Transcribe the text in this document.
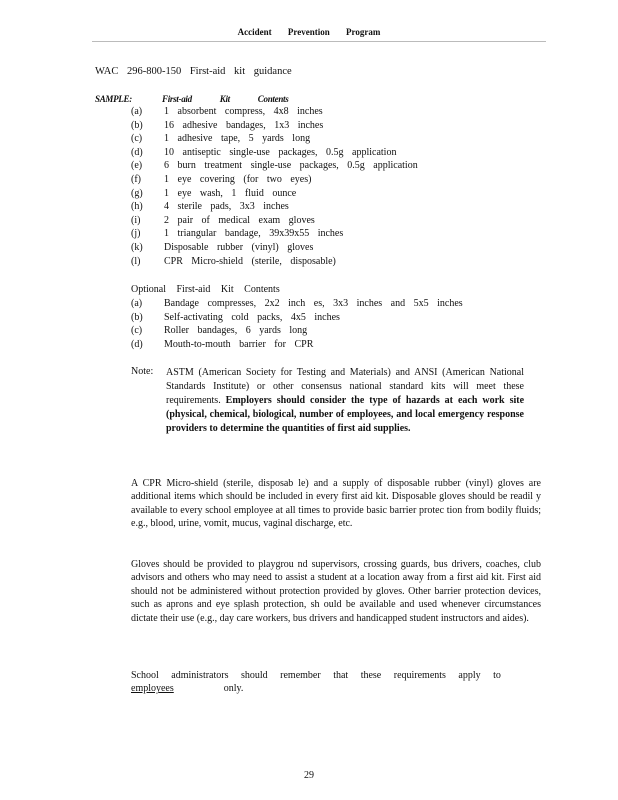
Accident Prevention Program
WAC 296-800-150 First-aid kit guidance
SAMPLE:	First-aid Kit Contents
(a) 1 absorbent compress, 4x8 inches
(b) 16 adhesive bandages, 1x3 inches
(c) 1 adhesive tape, 5 yards long
(d) 10 antiseptic single-use packages, 0.5g application
(e) 6 burn treatment single-use packages, 0.5g application
(f) 1 eye covering (for two eyes)
(g) 1 eye wash, 1 fluid ounce
(h) 4 sterile pads, 3x3 inches
(i) 2 pair of medical exam gloves
(j) 1 triangular bandage, 39x39x55 inches
(k) Disposable rubber (vinyl) gloves
(l) CPR Micro-shield (sterile, disposable)
Optional First-aid Kit Contents
(a) Bandage compresses, 2x2 inch es, 3x3 inches and 5x5 inches
(b) Self-activating cold packs, 4x5 inches
(c) Roller bandages, 6 yards long
(d) Mouth-to-mouth barrier for CPR
Note: ASTM (American Society for Testing and Materials) and ANSI (American National Standards Institute) or other consensus national standard kits will meet these requirements. Employers should consider the type of hazards at each work site (physical, chemical, biological, number of employees, and local emergency response providers to determine the quantities of first aid supplies.
A CPR Micro-shield (sterile, disposab le) and a supply of disposable rubber (vinyl) gloves are additional items which should be included in every first aid kit. Disposable gloves should be readil y available to every school employee at all times to provide basic barrier protec tion from bodily fluids; e.g., blood, urine, vomit, mucus, vaginal discharge, etc.
Gloves should be provided to playgrou nd supervisors, crossing guards, bus drivers, coaches, club advisors and others who may need to assist a student at a location away from a first aid kit. First aid should not be administered without protection provided by gloves. Other barrier protection devices, such as aprons and eye splash protection, sh ould be available and used whenever circumstances dictate their use (e.g., day care workers, bus drivers and handicapped student instructors and aides).
School administrators should remember that these requirements apply to
employees	only.
29
